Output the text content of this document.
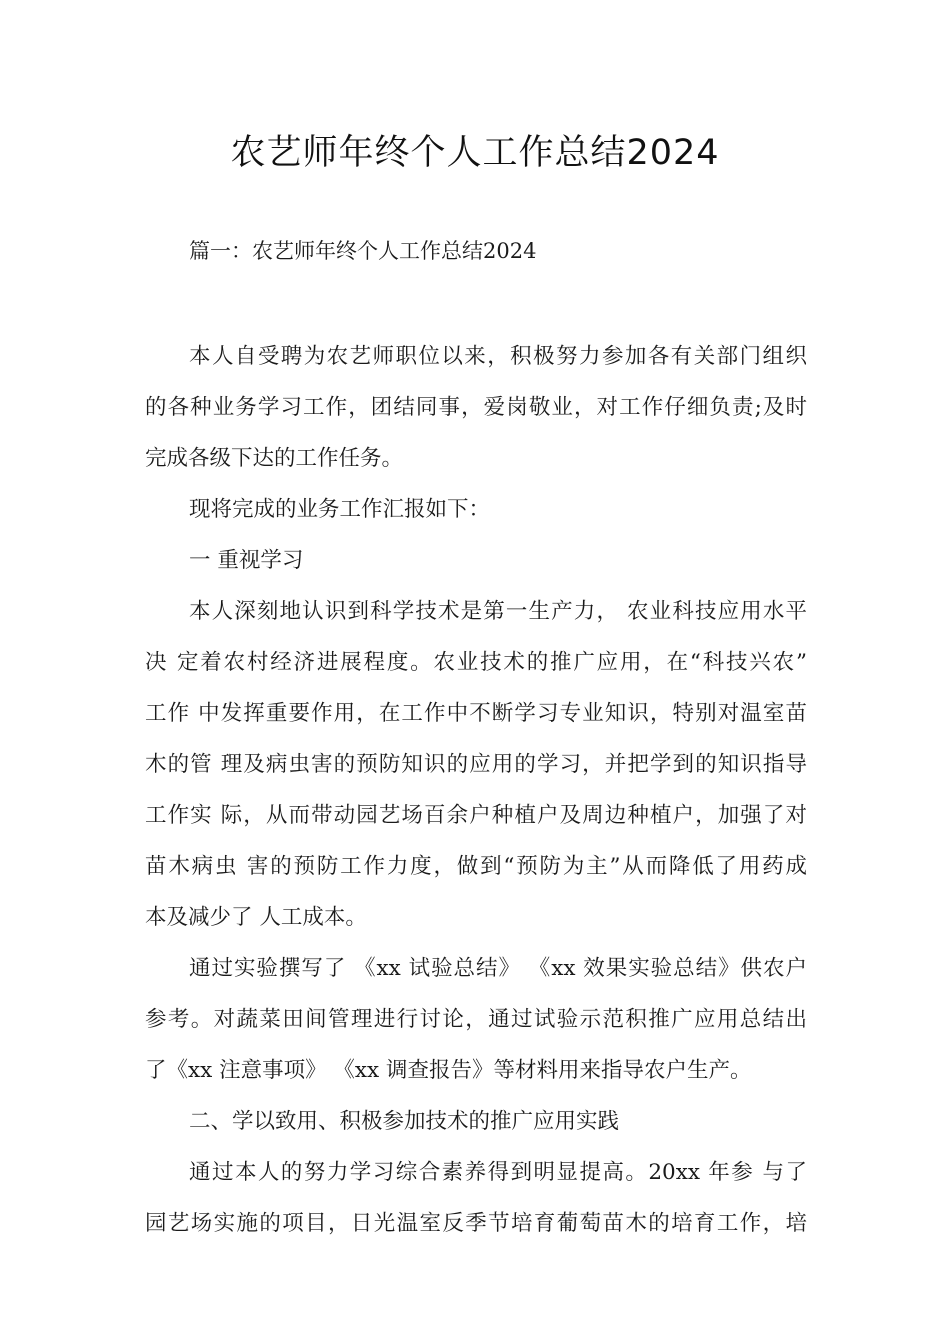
农艺师年终个人工作总结2024
篇一：农艺师年终个人工作总结2024

本人自受聘为农艺师职位以来，积极努力参加各有关部门组织
的各种业务学习工作，团结同事，爱岗敬业，对工作仔细负责;及时
完成各级下达的工作任务。

现将完成的业务工作汇报如下：

一 重视学习

本人深刻地认识到科学技术是第一生产力， 农业科技应用水平
决 定着农村经济进展程度。农业技术的推广应用，在“科技兴农”
工作 中发挥重要作用，在工作中不断学习专业知识，特别对温室苗
木的管 理及病虫害的预防知识的应用的学习，并把学到的知识指导
工作实 际，从而带动园艺场百余户种植户及周边种植户，加强了对
苗木病虫 害的预防工作力度，做到“预防为主”从而降低了用药成
本及减少了 人工成本。

通过实验撰写了 《xx 试验总结》 《xx 效果实验总结》供农户
参考。对蔬菜田间管理进行讨论，通过试验示范积推广应用总结出
了《xx 注意事项》 《xx 调查报告》等材料用来指导农户生产。

二、学以致用、积极参加技术的推广应用实践

通过本人的努力学习综合素养得到明显提高。20xx 年参 与了
园艺场实施的项目，日光温室反季节培育葡萄苗木的培育工作，培
